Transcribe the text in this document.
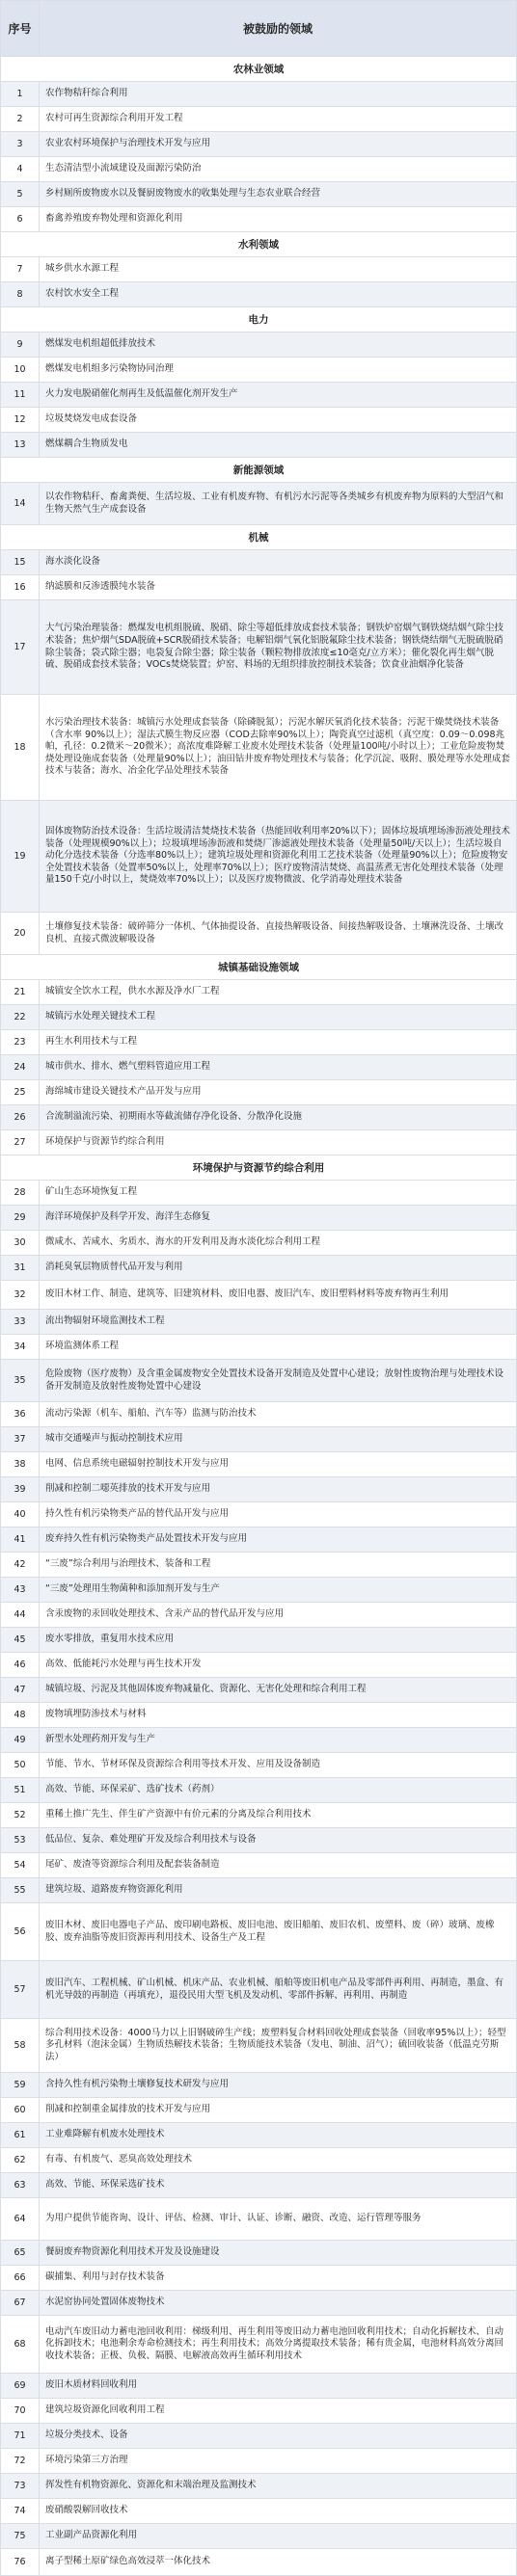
序号	被鼓励的领域
农林业领域	
1	农作物秸秆综合利用
2	农村可再生资源综合利用开发工程
3	农业农村环境保护与治理技术开发与应用
4	生态清洁型小流域建设及面源污染防治
5	乡村厕所废物废水以及餐厨废物废水的收集处理与生态农业联合经营
6	畜禽养殖废弃物处理和资源化利用
水利领域	
7	城乡供水水源工程
8	农村饮水安全工程
电力	
9	燃煤发电机组超低排放技术
10	燃煤发电机组多污染物协同治理
11	火力发电脱硝催化剂再生及低温催化剂开发生产
12	垃圾焚烧发电成套设备
13	燃煤耦合生物质发电
新能源领域	
14	以农作物秸秆、畜禽粪便、生活垃圾、工业有机废弃物、有机污水污泥等各类城乡有机废弃物为原料的大型沼气和生物天然气生产成套设备
机械	
15	海水淡化设备
16	纳滤膜和反渗透膜纯水装备
17	大气污染治理装备：燃煤发电机组脱硫、脱硝、除尘等超低排放成套技术装备；钢铁炉窑烟气钢铁烧结烟气除尘技术装备；焦炉烟气SDA脱硫+SCR脱硝技术装备；电解铝烟气氧化铝脱氟除尘技术装备；钢铁烧结烟气无脱硫脱硝除尘装备；袋式除尘器；电袋复合除尘器；除尘装备（颗粒物排放浓度≤10毫克/立方米）；催化裂化再生烟气脱硫、脱硝成套技术装备；VOCs焚烧装置；炉窑、料场的无组织排放控制技术装备；饮食业油烟净化装备
18	水污染治理技术装备：城镇污水处理成套装备（除磷脱氮）；污泥水解厌氧消化技术装备；污泥干燥焚烧技术装备（含水率 90%以上）；湿法式膜生物反应器（COD去除率90%以上）；陶瓷真空过滤机（真空度：0.09～0.098兆帕，孔径：0.2微米～20微米）；高浓度难降解工业废水处理技术装备（处理量100吨/小时以上）；工业危险废物焚烧处理设施成套装备（处理量90%以上）；油田钻井废弃物处理技术与装备；化学沉淀、吸附、膜处理等水处理成套技术与装备；海水、冶金化学品处理技术装备
19	固体废物防治技术设备：生活垃圾清洁焚烧技术装备（热能回收利用率20%以下）；固体垃圾填埋场渗沥液处理技术装备（处理规模90%以上）；垃圾填埋场渗沥液和焚烧厂渗滤液处理技术装备（处理量50吨/天以上）；生活垃圾自动化分选技术装备（分选率80%以上）；建筑垃圾处理和资源化利用工艺技术装备（处理量90%以上）；危险废物安全处置技术装备（处置率50%以上，处理率70%以上）；医疗废物清洁焚烧、高温蒸煮无害化处理技术装备（处理量150千克/小时以上，焚烧效率70%以上）；以及医疗废物微波、化学消毒处理技术装备
20	土壤修复技术装备：破碎筛分一体机、气体抽提设备、直接热解吸设备、间接热解吸设备、土壤淋洗设备、土壤改良机、直接式微波解吸设备
城镇基础设施领域	
21	城镇安全饮水工程，供水水源及净水厂工程
22	城镇污水处理关键技术工程
23	再生水利用技术与工程
24	城市供水、排水、燃气塑料管道应用工程
25	海绵城市建设关键技术产品开发与应用
26	合流制溢流污染、初期雨水等截流储存净化设备、分散净化设施
27	环境保护与资源节约综合利用
环境保护与资源节约综合利用	
28	矿山生态环境恢复工程
29	海洋环境保护及科学开发、海洋生态修复
30	微咸水、苦咸水、劣质水、海水的开发利用及海水淡化综合利用工程
31	消耗臭氧层物质替代品开发与利用
32	废旧木材工作、制造、建筑等、旧建筑材料、废旧电器、废旧汽车、废旧塑料材料等废弃物再生利用
33	流出物辐射环境监测技术工程
34	环境监测体系工程
35	危险废物（医疗废物）及含重金属废物安全处置技术设备开发制造及处置中心建设；放射性废物治理与处理技术设备开发制造及放射性废物处置中心建设
36	流动污染源（机车、船舶、汽车等）监测与防治技术
37	城市交通噪声与振动控制技术应用
38	电网、信息系统电磁辐射控制技术开发与应用
39	削减和控制二噁英排放的技术开发与应用
40	持久性有机污染物类产品的替代品开发与应用
41	废弃持久性有机污染物类产品处置技术开发与应用
42	“三废”综合利用与治理技术、装备和工程
43	“三废”处理用生物菌种和添加剂开发与生产
44	含汞废物的汞回收处理技术、含汞产品的替代品开发与应用
45	废水零排放，重复用水技术应用
46	高效、低能耗污水处理与再生技术开发
47	城镇垃圾、污泥及其他固体废弃物减量化、资源化、无害化处理和综合利用工程
48	废物填埋防渗技术与材料
49	新型水处理药剂开发与生产
50	节能、节水、节材环保及资源综合利用等技术开发、应用及设备制造
51	高效、节能、环保采矿、选矿技术（药剂）
52	重稀土推广先生、伴生矿产资源中有价元素的分离及综合利用技术
53	低品位、复杂、难处理矿开发及综合利用技术与设备
54	尾矿、废渣等资源综合利用及配套装备制造
55	建筑垃圾、道路废弃物资源化利用
56	废旧木材、废旧电器电子产品、废印刷电路板、废旧电池、废旧船舶、废旧农机、废塑料、废（碎）玻璃、废橡胶、废弃油脂等废旧资源再利用技术、设备生产及工程
57	废旧汽车、工程机械、矿山机械、机床产品、农业机械、船舶等废旧机电产品及零部件再利用、再制造，墨盒、有机光导鼓的再制造（再填充），退役民用大型飞机及发动机、零部件拆解、再利用、再制造
58	综合利用技术设备：4000马力以上旧钢破碎生产线；废塑料复合材料回收处理成套装备（回收率95%以上）；轻型多孔材料（泡沫金属）生物质热解技术装备；生物质能技术装备（发电、制油、沼气）；硫回收装备（低温克劳斯法）
59	含持久性有机污染物土壤修复技术研发与应用
60	削减和控制重金属排放的技术开发与应用
61	工业难降解有机废水处理技术
62	有毒、有机废气、恶臭高效处理技术
63	高效、节能、环保采选矿技术
64	为用户提供节能咨询、设计、评估、检测、审计、认证、诊断、融资、改造、运行管理等服务
65	餐厨废弃物资源化利用技术开发及设施建设
66	碳捕集、利用与封存技术装备
67	水泥窑协同处置固体废物技术
68	电动汽车废旧动力蓄电池回收利用：梯级利用、再生利用等废旧动力蓄电池回收利用技术；自动化拆解技术、自动化拆卸技术；电池剩余寿命检测技术；再生利用技术；高效分离提取技术装备；稀有贵金属，电池材料高效分离回收技术装备；正极、负极、隔膜、电解液高效再生循环利用技术
69	废旧木质材料回收利用
70	建筑垃圾资源化回收利用工程
71	垃圾分类技术、设备
72	环境污染第三方治理
73	挥发性有机物资源化、资源化和末端治理及监测技术
74	废硝酸裂解回收技术
75	工业副产品资源化利用
76	离子型稀土原矿绿色高效浸萃一体化技术
